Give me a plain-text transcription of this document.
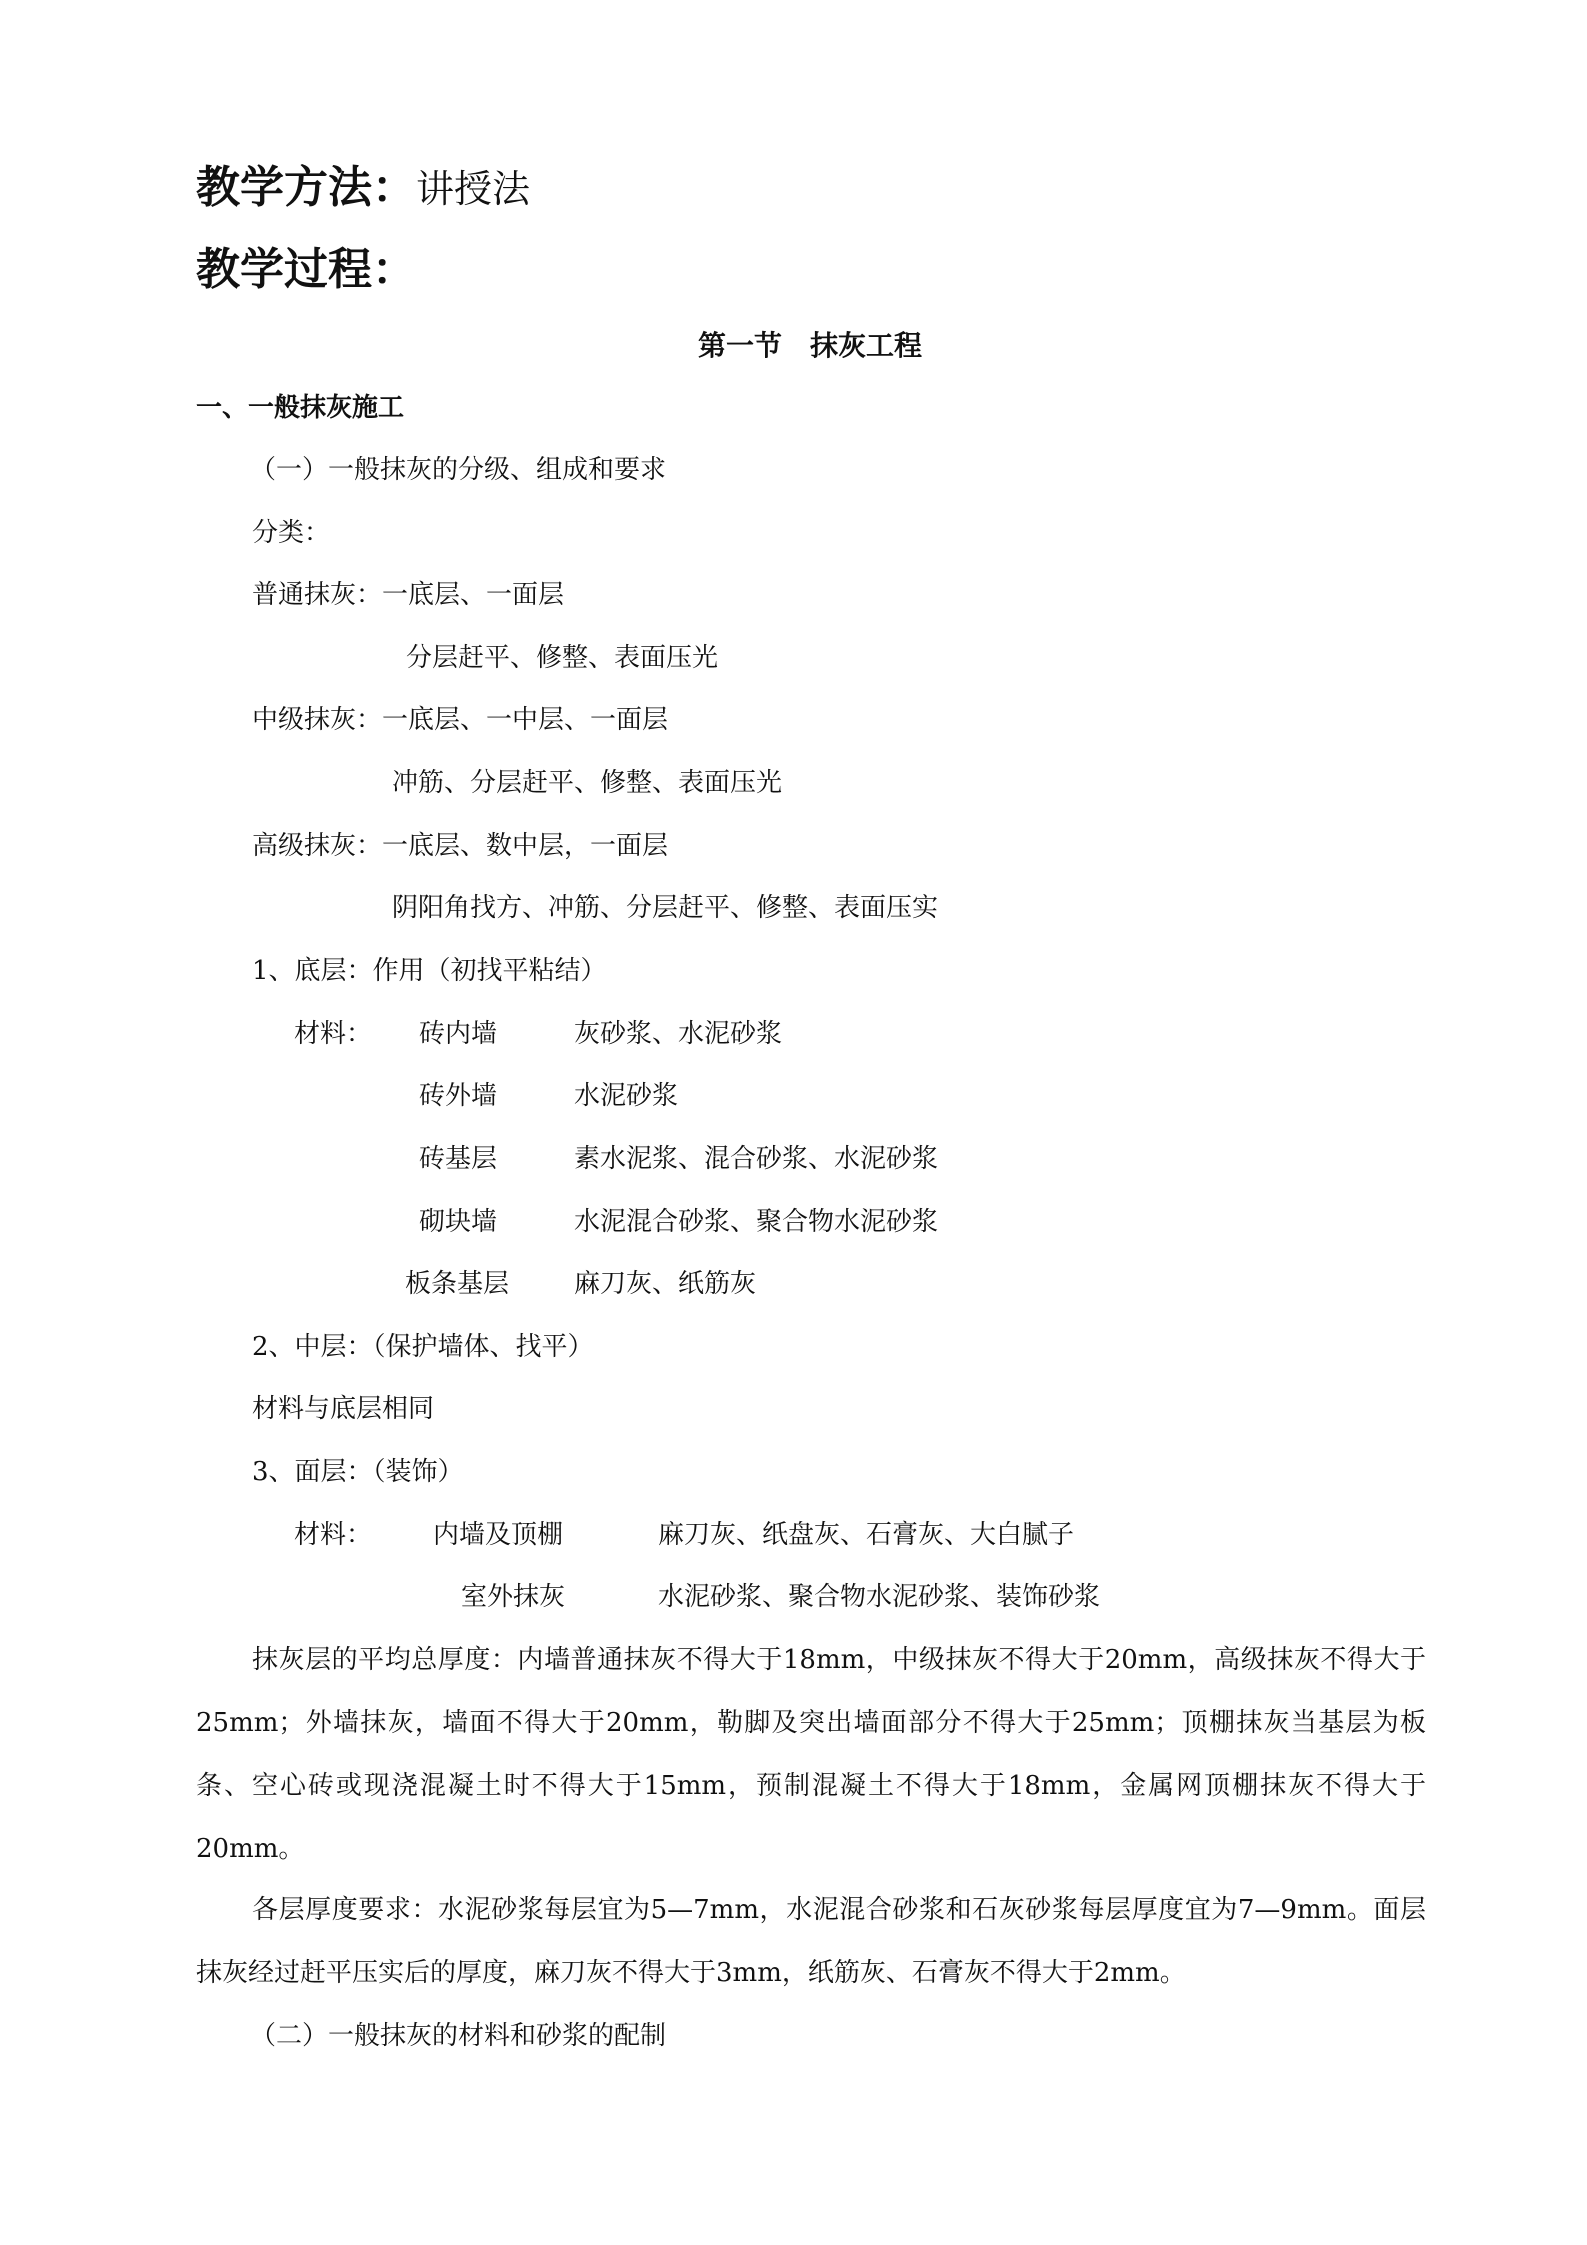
教学方法：讲授法
教学过程：
第一节 抹灰工程
一、一般抹灰施工
（一）一般抹灰的分级、组成和要求
分类：
普通抹灰：一底层、一面层
分层赶平、修整、表面压光
中级抹灰：一底层、一中层、一面层
冲筋、分层赶平、修整、表面压光
高级抹灰：一底层、数中层，一面层
阴阳角找方、冲筋、分层赶平、修整、表面压实
1、底层：作用（初找平粘结）
材料： 砖内墙	灰砂浆、水泥砂浆
砖外墙	水泥砂浆
砖基层	素水泥浆、混合砂浆、水泥砂浆
砌块墙	水泥混合砂浆、聚合物水泥砂浆
板条基层 麻刀灰、纸筋灰
2、中层：（保护墙体、找平）
材料与底层相同
3、面层：（装饰）
材料： 内墙及顶棚	麻刀灰、纸盘灰、石膏灰、大白腻子
室外抹灰	水泥砂浆、聚合物水泥砂浆、装饰砂浆

抹灰层的平均总厚度：内墙普通抹灰不得大于18mm，中级抹灰不得大于20mm，高级抹灰不得大于25mm；外墙抹灰，墙面不得大于20mm，勒脚及突出墙面部分不得大于25mm；顶棚抹灰当基层为板条、空心砖或现浇混凝土时不得大于15mm，预制混凝土不得大于18mm，金属网顶棚抹灰不得大于20mm。

各层厚度要求：水泥砂浆每层宜为5—7mm，水泥混合砂浆和石灰砂浆每层厚度宜为7—9mm。面层抹灰经过赶平压实后的厚度，麻刀灰不得大于3mm，纸筋灰、石膏灰不得大于2mm。

（二）一般抹灰的材料和砂浆的配制
